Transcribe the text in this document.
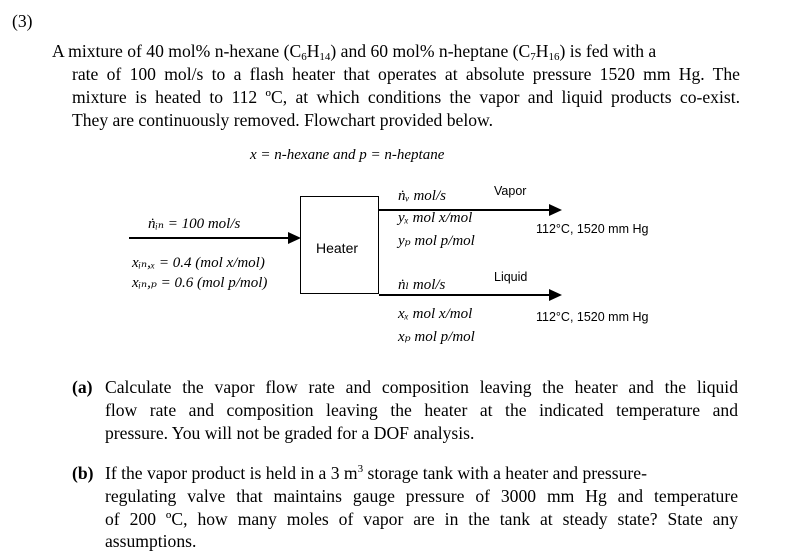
(3)
A mixture of 40 mol% n-hexane $(C_6H_{14})$ and 60 mol% n-heptane $(C_7H_{16})$ is fed with a
rate of 100 mol/s to a flash heater that operates at absolute pressure 1520 mm Hg. The
mixture is heated to 112 ºC, at which conditions the vapor and liquid products co-exist.
They are continuously removed. Flowchart provided below.
x = n-hexane and p = n-heptane
ṅᵢₙ = 100 mol/s
xᵢₙ,ₓ = 0.4 (mol x/mol)
xᵢₙ,ₚ = 0.6 (mol p/mol)
Heater
Vapor
ṅᵥ mol/s
yₓ mol x/mol
yₚ mol p/mol
112°C, 1520 mm Hg
Liquid
ṅₗ mol/s
xₓ mol x/mol
xₚ mol p/mol
112°C, 1520 mm Hg
(a) Calculate the vapor flow rate and composition leaving the heater and the liquid
flow rate and composition leaving the heater at the indicated temperature and
pressure. You will not be graded for a DOF analysis.
(b) If the vapor product is held in a 3 $m^3$ storage tank with a heater and pressure-
regulating valve that maintains gauge pressure of 3000 mm Hg and temperature
of 200 ºC, how many moles of vapor are in the tank at steady state? State any
assumptions.
